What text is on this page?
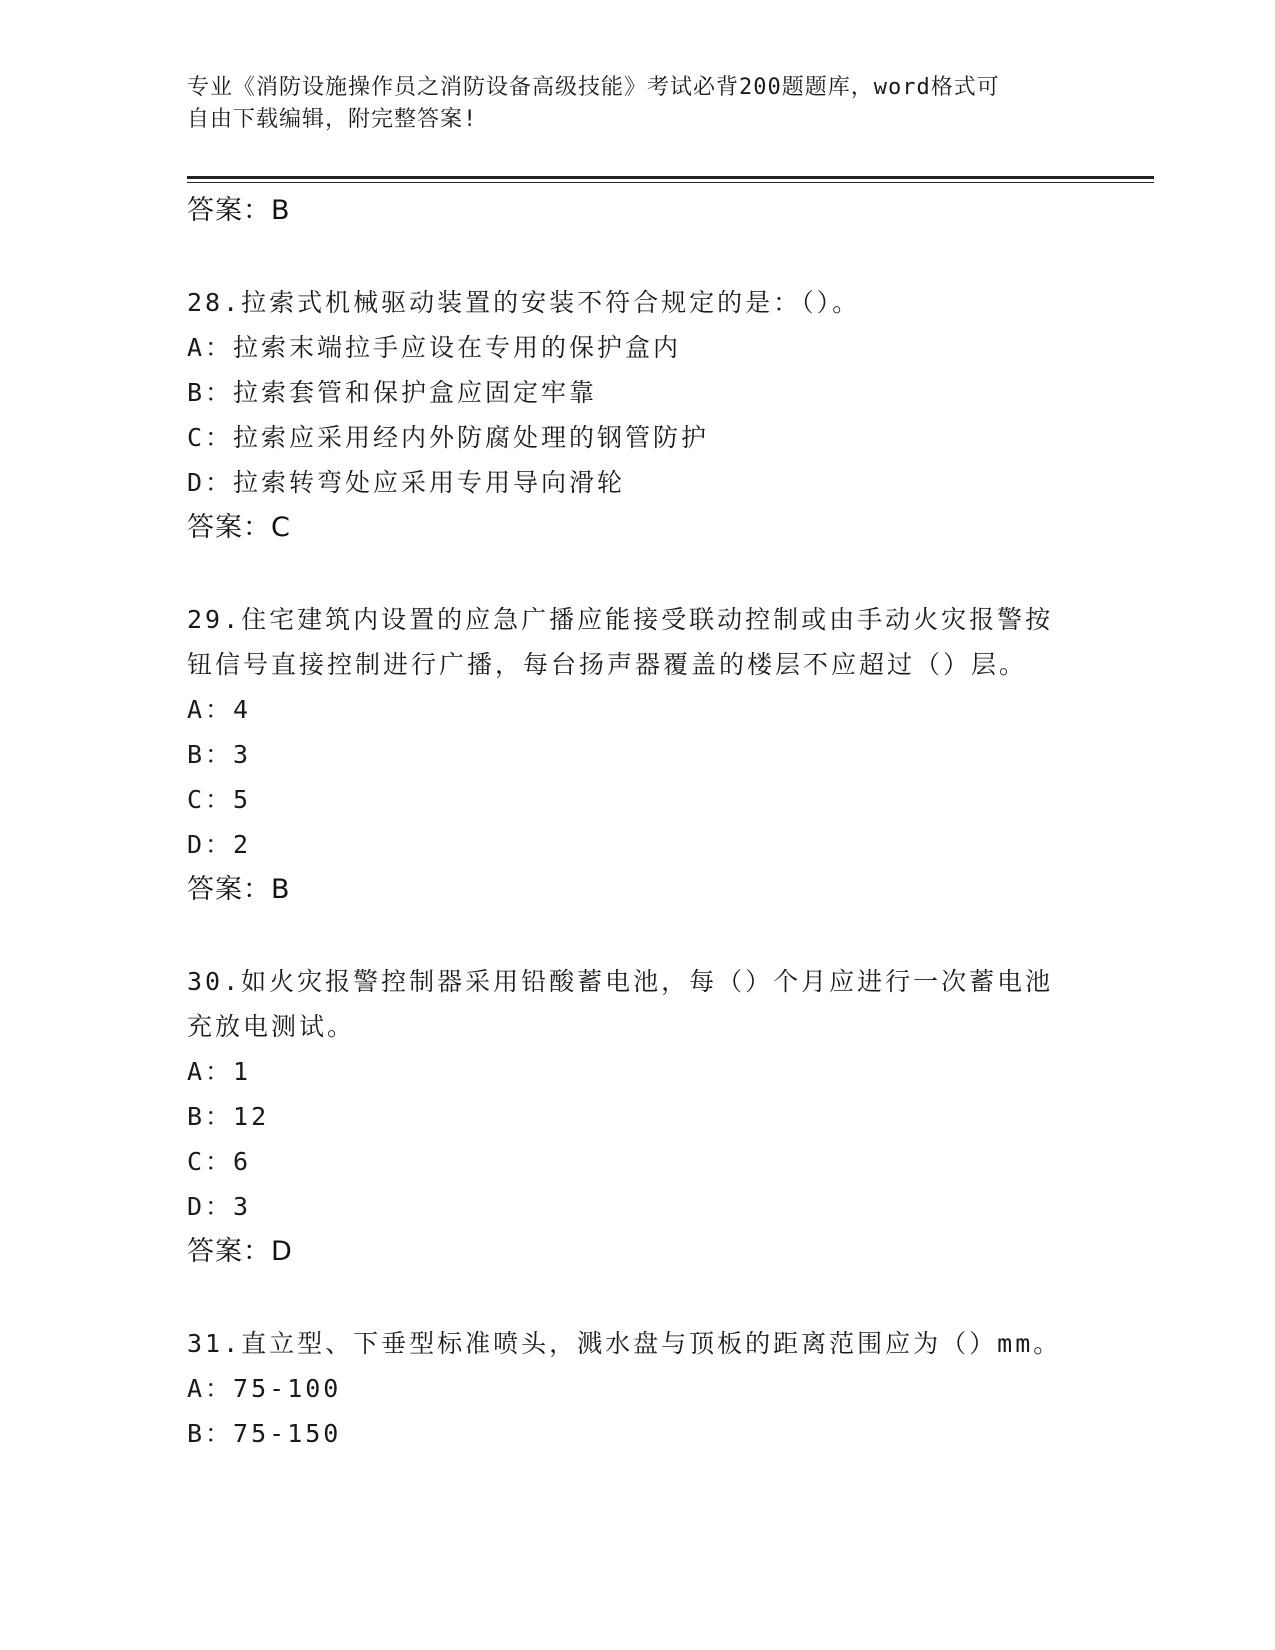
专业《消防设施操作员之消防设备高级技能》考试必背200题题库，word格式可
自由下载编辑，附完整答案!
答案：B
28.拉索式机械驱动装置的安装不符合规定的是：（）。
A：拉索末端拉手应设在专用的保护盒内
B：拉索套管和保护盒应固定牢靠
C：拉索应采用经内外防腐处理的钢管防护
D：拉索转弯处应采用专用导向滑轮
答案：C
29.住宅建筑内设置的应急广播应能接受联动控制或由手动火灾报警按
钮信号直接控制进行广播，每台扬声器覆盖的楼层不应超过（）层。
A：4
B：3
C：5
D：2
答案：B
30.如火灾报警控制器采用铅酸蓄电池，每（）个月应进行一次蓄电池
充放电测试。
A：1
B：12
C：6
D：3
答案：D
31.直立型、下垂型标准喷头，溅水盘与顶板的距离范围应为（）mm。
A：75-100
B：75-150
